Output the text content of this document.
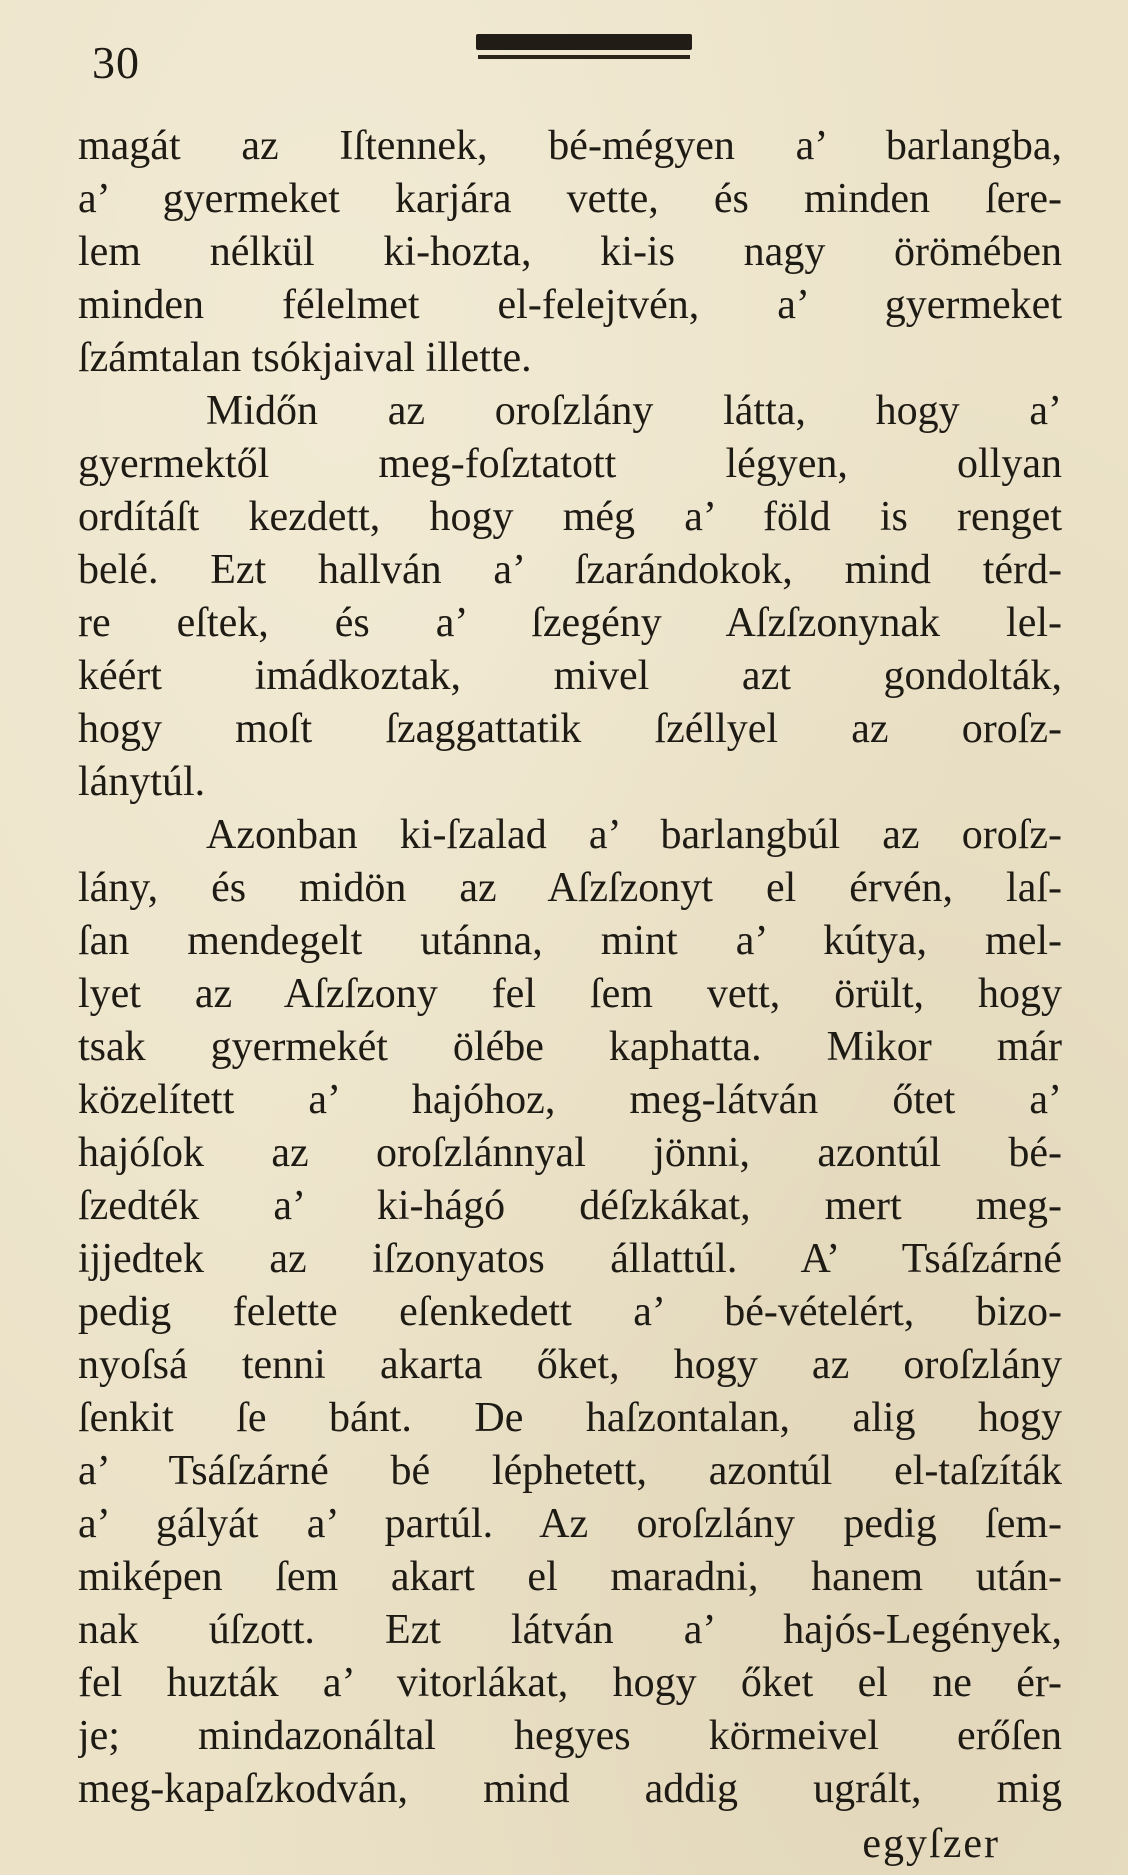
30
magát az Iſtennek, bé-mégyen a’ barlangba,
a’ gyermeket karjára vette, és minden ſere-
lem nélkül ki-hozta, ki-is nagy örömében
minden félelmet el-felejtvén, a’ gyermeket
ſzámtalan tsókjaival illette.
Midőn az oroſzlány látta, hogy a’
gyermektől meg-foſztatott légyen, ollyan
ordítáſt kezdett, hogy még a’ föld is renget
belé. Ezt hallván a’ ſzarándokok, mind térd-
re eſtek, és a’ ſzegény Aſzſzonynak lel-
kéért imádkoztak, mivel azt gondolták,
hogy moſt ſzaggattatik ſzéllyel az oroſz-
lánytúl.
Azonban ki-ſzalad a’ barlangbúl az oroſz-
lány, és midön az Aſzſzonyt el érvén, laſ-
ſan mendegelt utánna, mint a’ kútya, mel-
lyet az Aſzſzony fel ſem vett, örült, hogy
tsak gyermekét ölébe kaphatta. Mikor már
közelített a’ hajóhoz, meg-látván őtet a’
hajóſok az oroſzlánnyal jönni, azontúl bé-
ſzedték a’ ki-hágó déſzkákat, mert meg-
ijjedtek az iſzonyatos állattúl. A’ Tsáſzárné
pedig felette eſenkedett a’ bé-vételért, bizo-
nyoſsá tenni akarta őket, hogy az oroſzlány
ſenkit ſe bánt. De haſzontalan, alig hogy
a’ Tsáſzárné bé léphetett, azontúl el-taſzíták
a’ gályát a’ partúl. Az oroſzlány pedig ſem-
miképen ſem akart el maradni, hanem után-
nak úſzott. Ezt látván a’ hajós-Legények,
fel huzták a’ vitorlákat, hogy őket el ne ér-
je; mindazonáltal hegyes körmeivel erőſen
meg-kapaſzkodván, mind addig ugrált, mig
egyſzer
